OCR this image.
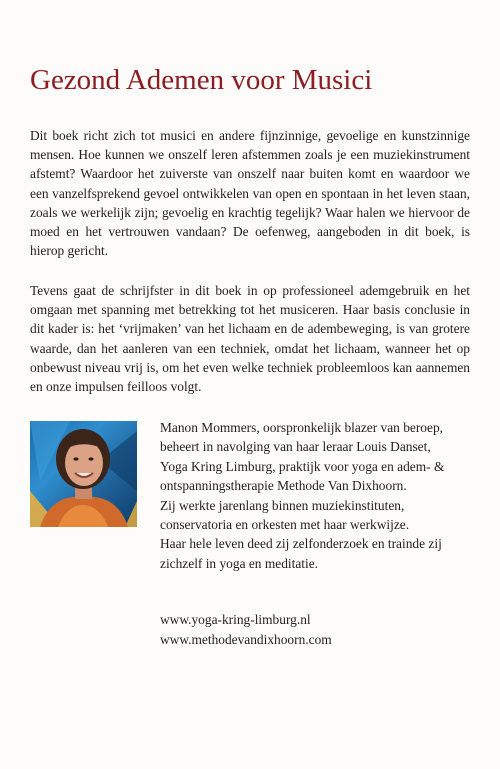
Gezond Ademen voor Musici

Dit boek richt zich tot musici en andere fijnzinnige, gevoelige en kunstzinnige mensen. Hoe kunnen we onszelf leren afstemmen zoals je een muziekinstrument afstemt? Waardoor het zuiverste van onszelf naar buiten komt en waardoor we een vanzelfsprekend gevoel ontwikkelen van open en spontaan in het leven staan, zoals we werkelijk zijn; gevoelig en krachtig tegelijk? Waar halen we hiervoor de moed en het vertrouwen vandaan? De oefenweg, aangeboden in dit boek, is hierop gericht.

Tevens gaat de schrijfster in dit boek in op professioneel ademgebruik en het omgaan met spanning met betrekking tot het musiceren. Haar basis conclusie in dit kader is: het ‘vrijmaken’ van het lichaam en de adembeweging, is van grotere waarde, dan het aanleren van een techniek, omdat het lichaam, wanneer het op onbewust niveau vrij is, om het even welke techniek probleemloos kan aannemen en onze impulsen feilloos volgt.

Manon Mommers, oorspronkelijk blazer van beroep,
beheert in navolging van haar leraar Louis Danset,
Yoga Kring Limburg, praktijk voor yoga en adem- &
ontspanningstherapie Methode Van Dixhoorn.
Zij werkte jarenlang binnen muziekinstituten,
conservatoria en orkesten met haar werkwijze.
Haar hele leven deed zij zelfonderzoek en trainde zij
zichzelf in yoga en meditatie.
www.yoga-kring-limburg.nl
www.methodevandixhoorn.com
